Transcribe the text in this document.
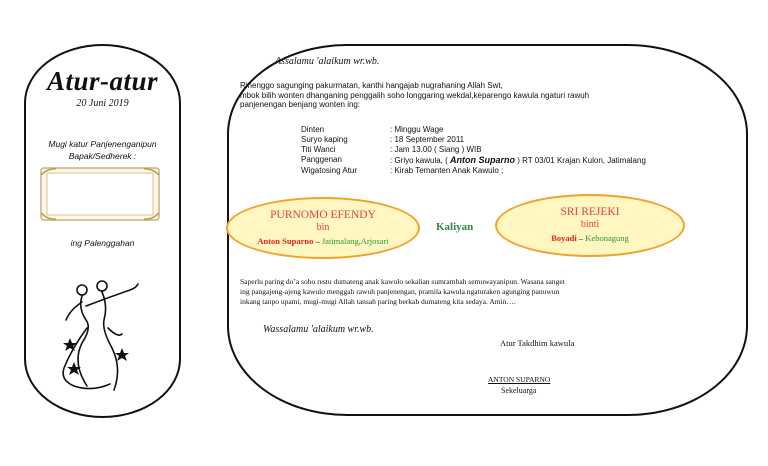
Atur-atur
20 Juni 2019
Mugi katur Panjenenganipun
Bapak/Sedherek :
ing Palenggahan
Assalamu 'alaikum wr.wb.
Rinenggo sagunging pakurmatan, kanthi hangajab nugrahaning Allah Swt,
mbok bilih wonten dhanganing penggalih soho longgaring wekdal,keparengo kawula ngaturi rawuh
panjenengan benjang wonten ing:
Dinten	: Minggu Wage
Suryo kaping	: 18 September 2011
Titi Wanci	: Jam 13.00 ( Siang ) WIB
Panggenan	: Griyo kawula, ( Anton Suparno ) RT 03/01 Krajan Kulon, Jatimalang
Wigatosing Atur	: Kirab Temanten Anak Kawulo ;
PURNOMO EFENDY
bin
Anton Suparno – Jatimalang,Arjosari
Kaliyan
SRI REJEKI
binti
Boyadi – Kebonagung
Saperlu paring do’a soho restu dumateng anak kawulo sekalian sumrambah semuwayanipun. Wasana sanget
ing pangajeng-ajeng kawulo menggah rawuh panjenengan, pramila kawula ngaturaken agunging panuwun
inkang tanpo upami, mugi-mugi Allah tansah paring berkah dumateng kita sedaya. Amin….
Wassalamu 'alaikum wr.wb.
Atur Takdhim kawula
ANTON SUPARNO
Sekeluarga
